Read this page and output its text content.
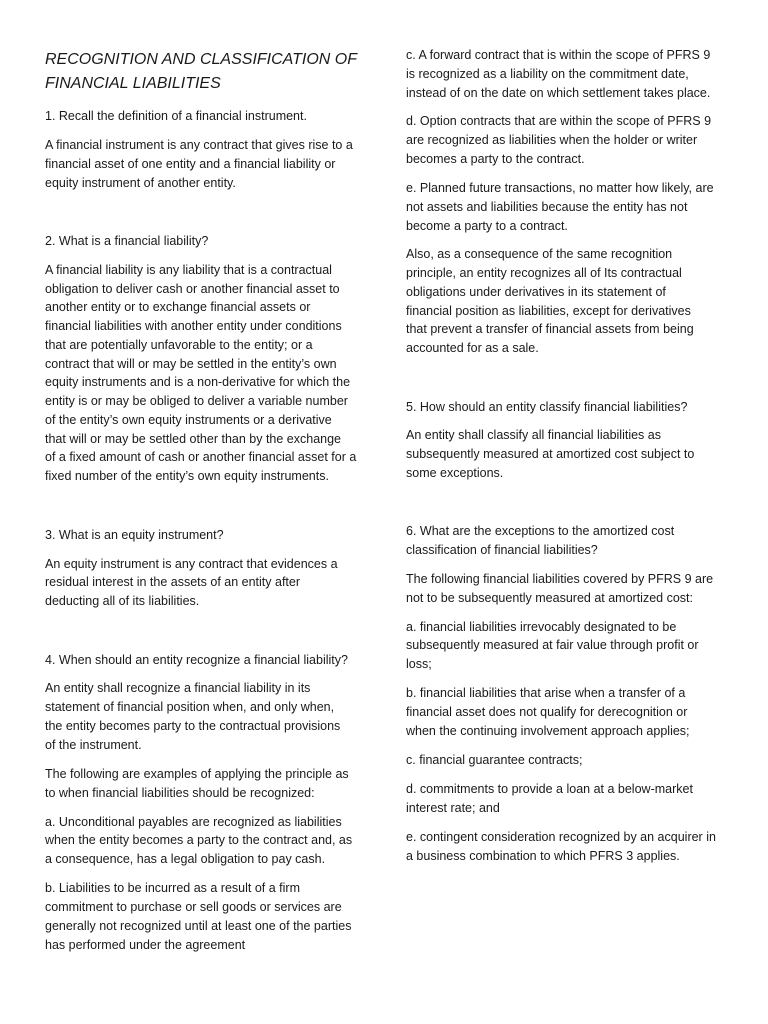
RECOGNITION AND CLASSIFICATION OF
FINANCIAL LIABILITIES
1. Recall the definition of a financial instrument.
A financial instrument is any contract that gives rise to a
financial asset of one entity and a financial liability or
equity instrument of another entity.
2. What is a financial liability?
A financial liability is any liability that is a contractual
obligation to deliver cash or another financial asset to
another entity or to exchange financial assets or
financial liabilities with another entity under conditions
that are potentially unfavorable to the entity; or a
contract that will or may be settled in the entity’s own
equity instruments and is a non-derivative for which the
entity is or may be obliged to deliver a variable number
of the entity’s own equity instruments or a derivative
that will or may be settled other than by the exchange
of a fixed amount of cash or another financial asset for a
fixed number of the entity’s own equity instruments.
3. What is an equity instrument?
An equity instrument is any contract that evidences a
residual interest in the assets of an entity after
deducting all of its liabilities.
4. When should an entity recognize a financial liability?
An entity shall recognize a financial liability in its
statement of financial position when, and only when,
the entity becomes party to the contractual provisions
of the instrument.
The following are examples of applying the principle as
to when financial liabilities should be recognized:
a. Unconditional payables are recognized as liabilities
when the entity becomes a party to the contract and, as
a consequence, has a legal obligation to pay cash.
b. Liabilities to be incurred as a result of a firm
commitment to purchase or sell goods or services are
generally not recognized until at least one of the parties
has performed under the agreement
c. A forward contract that is within the scope of PFRS 9
is recognized as a liability on the commitment date,
instead of on the date on which settlement takes place.
d. Option contracts that are within the scope of PFRS 9
are recognized as liabilities when the holder or writer
becomes a party to the contract.
e. Planned future transactions, no matter how likely, are
not assets and liabilities because the entity has not
become a party to a contract.
Also, as a consequence of the same recognition
principle, an entity recognizes all of Its contractual
obligations under derivatives in its statement of
financial position as liabilities, except for derivatives
that prevent a transfer of financial assets from being
accounted for as a sale.
5. How should an entity classify financial liabilities?
An entity shall classify all financial liabilities as
subsequently measured at amortized cost subject to
some exceptions.
6. What are the exceptions to the amortized cost
classification of financial liabilities?
The following financial liabilities covered by PFRS 9 are
not to be subsequently measured at amortized cost:
a. financial liabilities irrevocably designated to be
subsequently measured at fair value through profit or
loss;
b. financial liabilities that arise when a transfer of a
financial asset does not qualify for derecognition or
when the continuing involvement approach applies;
c. financial guarantee contracts;
d. commitments to provide a loan at a below-market
interest rate; and
e. contingent consideration recognized by an acquirer in
a business combination to which PFRS 3 applies.
